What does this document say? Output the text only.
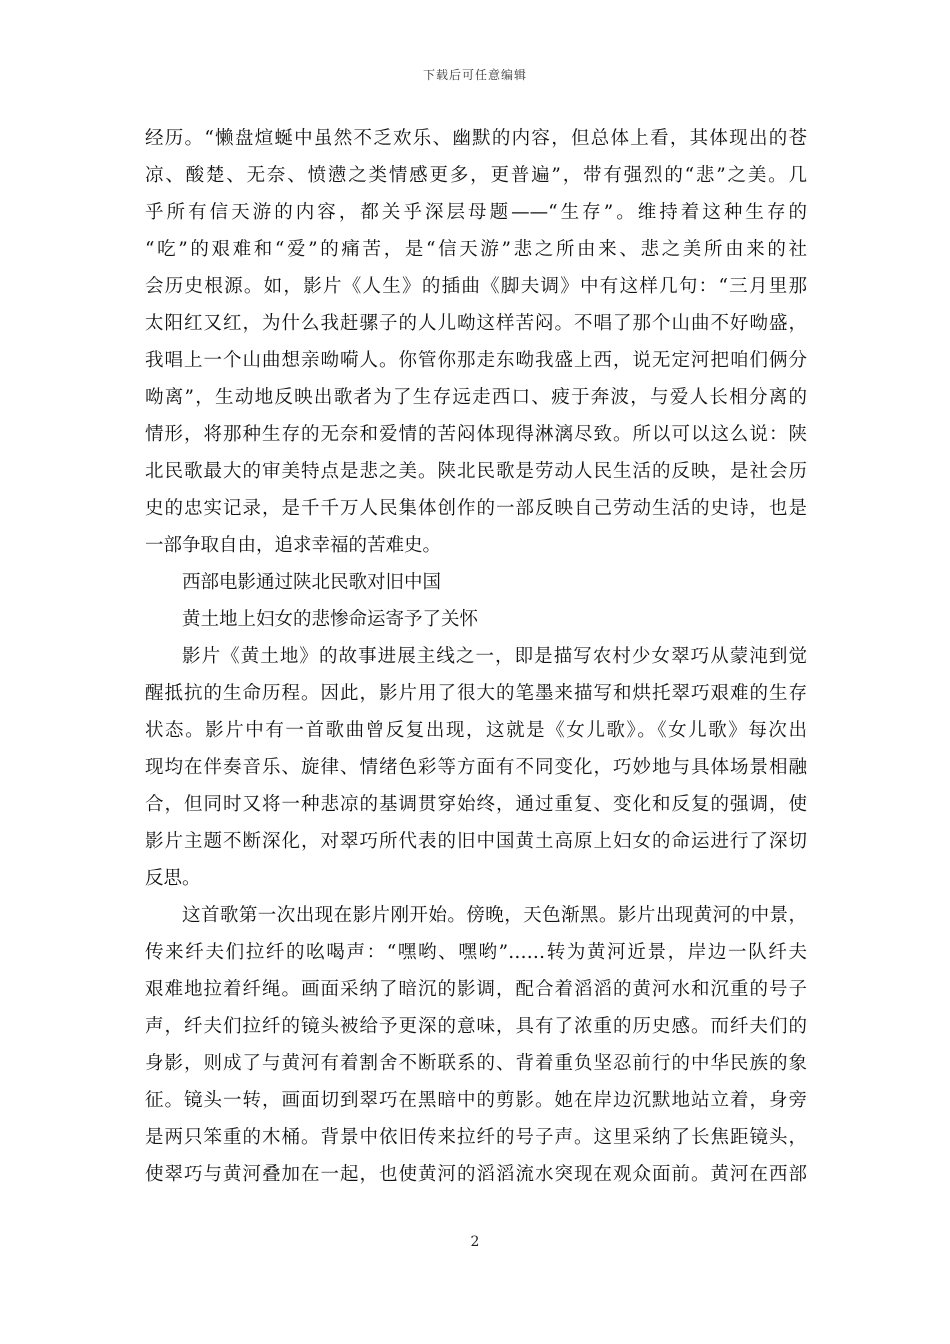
下载后可任意编辑
经历。“懒盘煊蜒中虽然不乏欢乐、幽默的内容，但总体上看，其体现出的苍
凉、酸楚、无奈、愤懑之类情感更多，更普遍”，带有强烈的“悲”之美。几
乎所有信天游的内容，都关乎深层母题——“生存”。维持着这种生存的
“吃”的艰难和“爱”的痛苦，是“信天游”悲之所由来、悲之美所由来的社
会历史根源。如，影片《人生》的插曲《脚夫调》中有这样几句：“三月里那
太阳红又红，为什么我赶骡子的人儿呦这样苦闷。不唱了那个山曲不好呦盛，
我唱上一个山曲想亲呦嗬人。你管你那走东呦我盛上西，说无定河把咱们俩分
呦离”，生动地反映出歌者为了生存远走西口、疲于奔波，与爱人长相分离的
情形，将那种生存的无奈和爱情的苦闷体现得淋漓尽致。所以可以这么说：陕
北民歌最大的审美特点是悲之美。陕北民歌是劳动人民生活的反映，是社会历
史的忠实记录，是千千万人民集体创作的一部反映自己劳动生活的史诗，也是
一部争取自由，追求幸福的苦难史。
西部电影通过陕北民歌对旧中国
黄土地上妇女的悲惨命运寄予了关怀
影片《黄土地》的故事进展主线之一，即是描写农村少女翠巧从蒙沌到觉
醒抵抗的生命历程。因此，影片用了很大的笔墨来描写和烘托翠巧艰难的生存
状态。影片中有一首歌曲曾反复出现，这就是《女儿歌》。《女儿歌》每次出
现均在伴奏音乐、旋律、情绪色彩等方面有不同变化，巧妙地与具体场景相融
合，但同时又将一种悲凉的基调贯穿始终，通过重复、变化和反复的强调，使
影片主题不断深化，对翠巧所代表的旧中国黄土高原上妇女的命运进行了深切
反思。
这首歌第一次出现在影片刚开始。傍晚，天色渐黑。影片出现黄河的中景，
传来纤夫们拉纤的吆喝声：“嘿哟、嘿哟”……转为黄河近景，岸边一队纤夫
艰难地拉着纤绳。画面采纳了暗沉的影调，配合着滔滔的黄河水和沉重的号子
声，纤夫们拉纤的镜头被给予更深的意味，具有了浓重的历史感。而纤夫们的
身影，则成了与黄河有着割舍不断联系的、背着重负坚忍前行的中华民族的象
征。镜头一转，画面切到翠巧在黑暗中的剪影。她在岸边沉默地站立着，身旁
是两只笨重的木桶。背景中依旧传来拉纤的号子声。这里采纳了长焦距镜头，
使翠巧与黄河叠加在一起，也使黄河的滔滔流水突现在观众面前。黄河在西部
2
